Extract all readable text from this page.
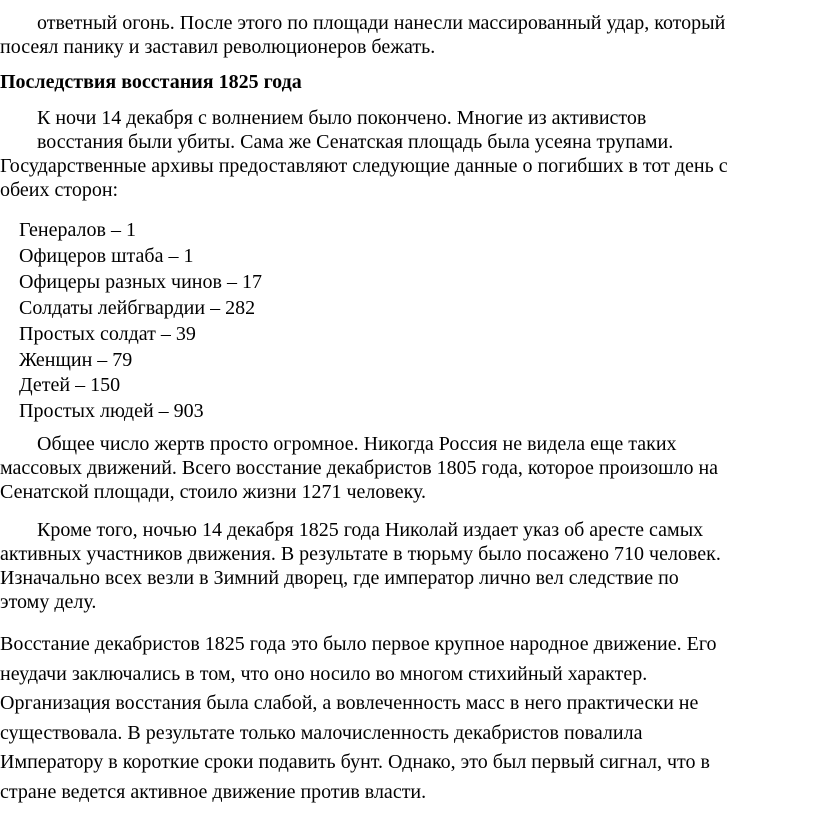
ответный огонь. После этого по площади нанесли массированный удар, который

посеял панику и заставил революционеров бежать.

Последствия восстания 1825 года

К ночи 14 декабря с волнением было покончено. Многие из активистов

восстания были убиты. Сама же Сенатская площадь была усеяна трупами.

Государственные архивы предоставляют следующие данные о погибших в тот день с

обеих сторон:

Генералов – 1
Офицеров штаба – 1
Офицеры разных чинов – 17
Солдаты лейбгвардии – 282
Простых солдат – 39
Женщин – 79
Детей – 150
Простых людей – 903

Общее число жертв просто огромное. Никогда Россия не видела еще таких

массовых движений. Всего восстание декабристов 1805 года, которое произошло на

Сенатской площади, стоило жизни 1271 человеку.

Кроме того, ночью 14 декабря 1825 года Николай издает указ об аресте самых

активных участников движения. В результате в тюрьму было посажено 710 человек.

Изначально всех везли в Зимний дворец, где император лично вел следствие по

этому делу.

Восстание декабристов 1825 года это было первое крупное народное движение. Его

неудачи заключались в том, что оно носило во многом стихийный характер.

Организация восстания была слабой, а вовлеченность масс в него практически не

существовала. В результате только малочисленность декабристов повалила

Императору в короткие сроки подавить бунт. Однако, это был первый сигнал, что в

стране ведется активное движение против власти.
